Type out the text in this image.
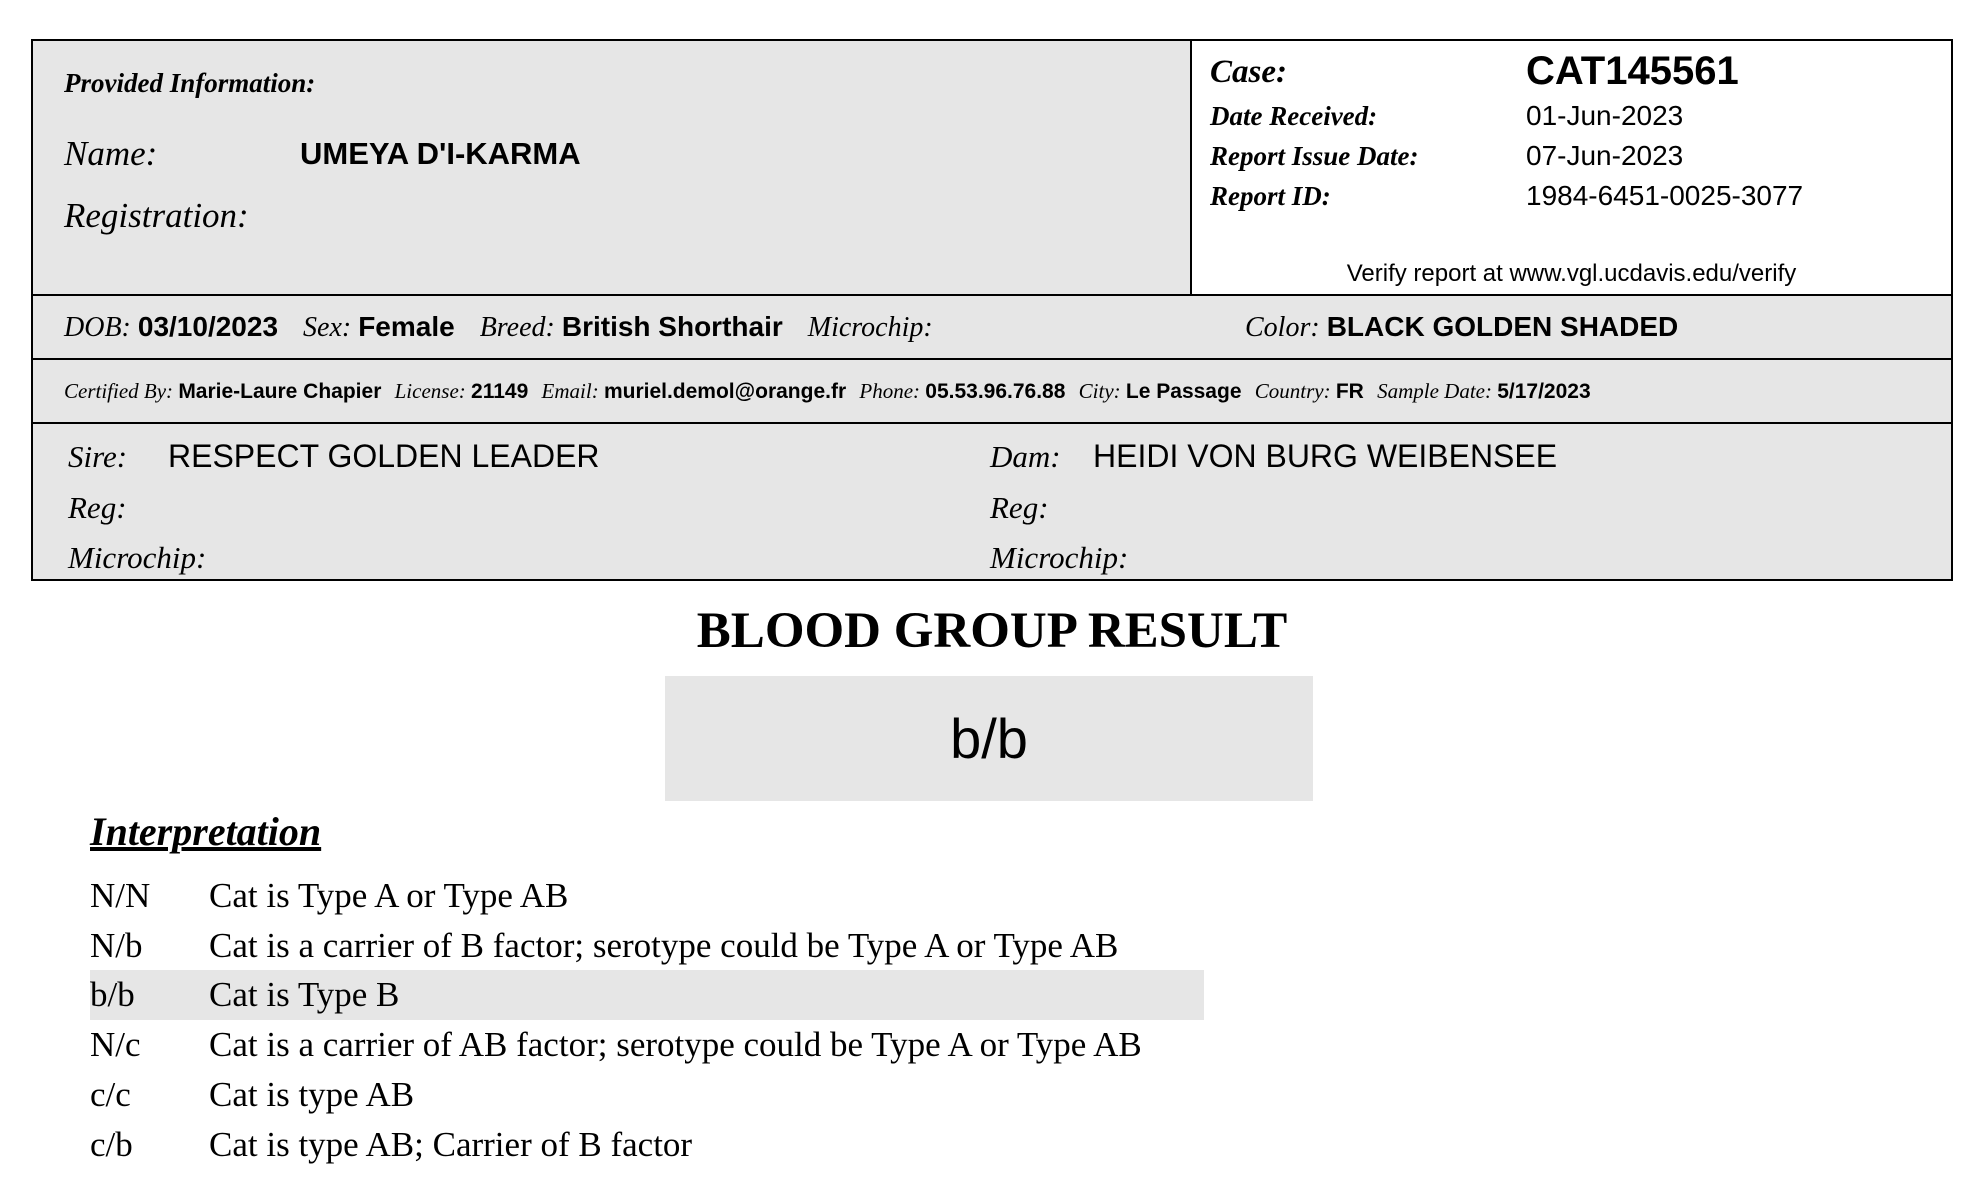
Provided Information:
Name:	UMEYA D'I-KARMA
Registration:
Case:	CAT145561
Date Received:	01-Jun-2023
Report Issue Date:	07-Jun-2023
Report ID:	1984-6451-0025-3077
Verify report at www.vgl.ucdavis.edu/verify
DOB: 03/10/2023 Sex: Female Breed: British Shorthair Microchip:	Color: BLACK GOLDEN SHADED
Certified By: Marie-Laure Chapier License: 21149 Email: muriel.demol@orange.fr Phone: 05.53.96.76.88 City: Le Passage Country: FR Sample Date: 5/17/2023
Sire: RESPECT GOLDEN LEADER
Reg:
Microchip:
Dam: HEIDI VON BURG WEIBENSEE
Reg:
Microchip:
BLOOD GROUP RESULT
b/b
Interpretation
N/N Cat is Type A or Type AB
N/b Cat is a carrier of B factor; serotype could be Type A or Type AB
b/b Cat is Type B
N/c Cat is a carrier of AB factor; serotype could be Type A or Type AB
c/c Cat is type AB
c/b Cat is type AB; Carrier of B factor
